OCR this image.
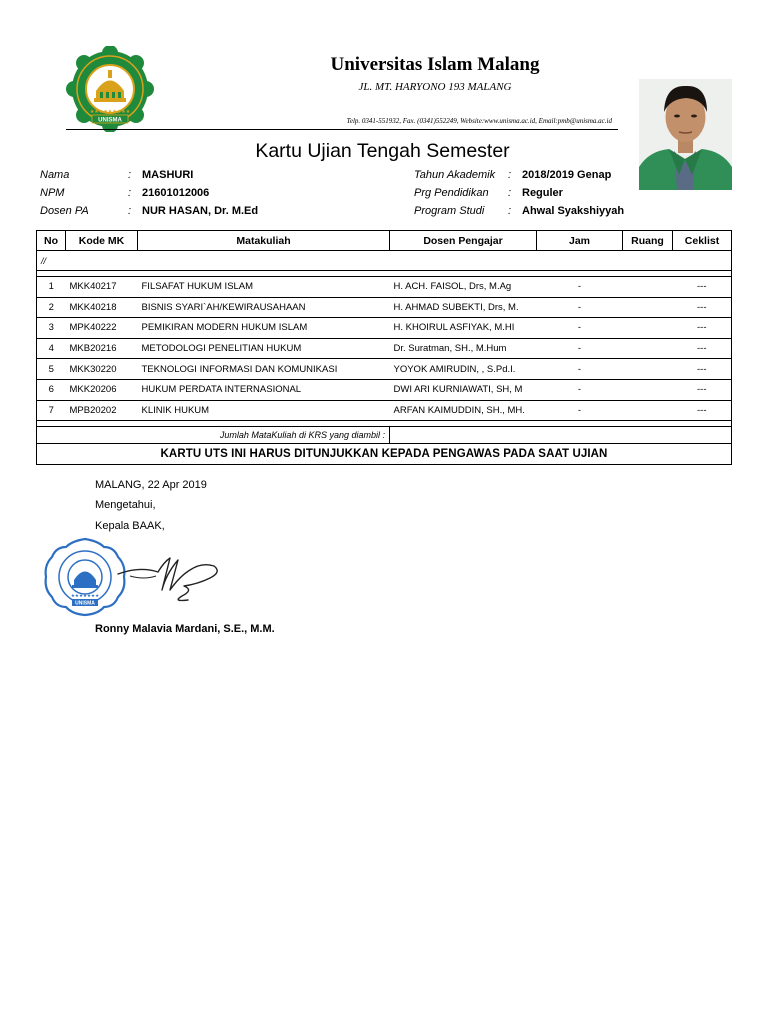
★★★★★★★★★
UNISMA
Universitas Islam Malang
JL. MT. HARYONO 193 MALANG
Telp. 0341-551932, Fax. (0341)552249, Website:www.unisma.ac.id, Email:pmb@unisma.ac.id
Kartu Ujian Tengah Semester
Nama	: MASHURI
NPM	: 21601012006
Dosen PA	: NUR HASAN, Dr. M.Ed
Tahun Akademik : 2018/2019 Genap
Prg Pendidikan : Reguler
Program Studi : Ahwal Syakshiyyah
No	Kode MK	Matakuliah	Dosen Pengajar	Jam	Ruang	Ceklist
//						

1	MKK40217	FILSAFAT HUKUM ISLAM	H. ACH. FAISOL, Drs, M.Ag	-		---
2	MKK40218	BISNIS SYARI`AH/KEWIRAUSAHAAN	H. AHMAD SUBEKTI, Drs, M.	-		---
3	MPK40222	PEMIKIRAN MODERN HUKUM ISLAM	H. KHOIRUL ASFIYAK, M.HI	-		---
4	MKB20216	METODOLOGI PENELITIAN HUKUM	Dr. Suratman, SH., M.Hum	-		---
5	MKK30220	TEKNOLOGI INFORMASI DAN KOMUNIKASI	YOYOK AMIRUDIN, , S.Pd.I.	-		---
6	MKK20206	HUKUM PERDATA INTERNASIONAL	DWI ARI KURNIAWATI, SH, M	-		---
7	MPB20202	KLINIK HUKUM	ARFAN KAIMUDDIN, SH., MH.	-		---

Jumlah MataKuliah di KRS yang diambil :						
KARTU UTS INI HARUS DITUNJUKKAN KEPADA PENGAWAS PADA SAAT UJIAN						
MALANG, 22 Apr 2019
Mengetahui,
Kepala BAAK,
★★★★★★★
UNISMA
Ronny Malavia Mardani, S.E., M.M.
